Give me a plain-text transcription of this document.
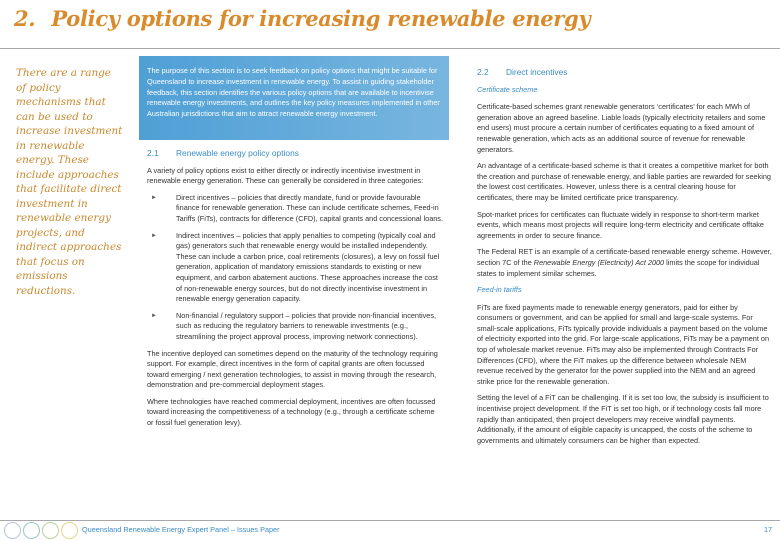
2. Policy options for increasing renewable energy
There are a range of policy mechanisms that can be used to increase investment in renewable energy. These include approaches that facilitate direct investment in renewable energy projects, and indirect approaches that focus on emissions reductions.
The purpose of this section is to seek feedback on policy options that might be suitable for Queensland to increase investment in renewable energy. To assist in guiding stakeholder feedback, this section identifies the various policy options that are available to incentivise renewable energy investments, and outlines the key policy measures implemented in other Australian jurisdictions that aim to attract renewable energy investment.
2.1	Renewable energy policy options

A variety of policy options exist to either directly or indirectly incentivise investment in renewable energy generation. These can generally be considered in three categories:

►	Direct incentives – policies that directly mandate, fund or provide favourable finance for renewable generation. These can include certificate schemes, Feed-in Tariffs (FiTs), contracts for difference (CFD), capital grants and concessional loans.
►	Indirect incentives – policies that apply penalties to competing (typically coal and gas) generators such that renewable energy would be installed independently. These can include a carbon price, coal retirements (closures), a levy on fossil fuel generation, application of mandatory emissions standards to existing or new equipment, and carbon abatement auctions. These approaches increase the cost of non-renewable energy sources, but do not directly incentivise investment in renewable energy generation capacity.
►	Non-financial / regulatory support – policies that provide non-financial incentives, such as reducing the regulatory barriers to renewable investments (e.g., streamlining the project approval process, improving network connections).

The incentive deployed can sometimes depend on the maturity of the technology requiring support. For example, direct incentives in the form of capital grants are often focussed toward emerging / next generation technologies, to assist in moving through the research, demonstration and pre-commercial deployment stages.

Where technologies have reached commercial deployment, incentives are often focussed toward increasing the competitiveness of a technology (e.g., through a certificate scheme or fossil fuel generation levy).

2.2	Direct incentives
Certificate scheme

Certificate-based schemes grant renewable generators ‘certificates’ for each MWh of generation above an agreed baseline. Liable loads (typically electricity retailers and some end users) must procure a certain number of certificates equating to a fixed amount of renewable generation, which acts as an additional source of revenue for renewable generators.

An advantage of a certificate-based scheme is that it creates a competitive market for both the creation and purchase of renewable energy, and liable parties are rewarded for seeking the lowest cost certificates. However, unless there is a central clearing house for certificates, there may be limited certificate price transparency.

Spot-market prices for certificates can fluctuate widely in response to short-term market events, which means most projects will require long-term electricity and certificate offtake agreements in order to secure finance.

The Federal RET is an example of a certificate-based renewable energy scheme. However, section 7C of the Renewable Energy (Electricity) Act 2000 limits the scope for individual states to implement similar schemes.

Feed-in tariffs

FiTs are fixed payments made to renewable energy generators, paid for either by consumers or government, and can be applied for small and large-scale systems. For small-scale applications, FiTs typically provide individuals a payment based on the volume of electricity exported into the grid. For large-scale applications, FiTs may be a payment on top of wholesale market revenue. FiTs may also be implemented through Contracts For Differences (CFD), where the FiT makes up the difference between wholesale NEM revenue received by the generator for the power supplied into the NEM and an agreed strike price for the renewable generation.

Setting the level of a FiT can be challenging. If it is set too low, the subsidy is insufficient to incentivise project development. If the FiT is set too high, or if technology costs fall more rapidly than anticipated, then project developers may receive windfall payments. Additionally, if the amount of eligible capacity is uncapped, the costs of the scheme to governments and ultimately consumers can be higher than expected.

Queensland Renewable Energy Expert Panel – Issues Paper	17
